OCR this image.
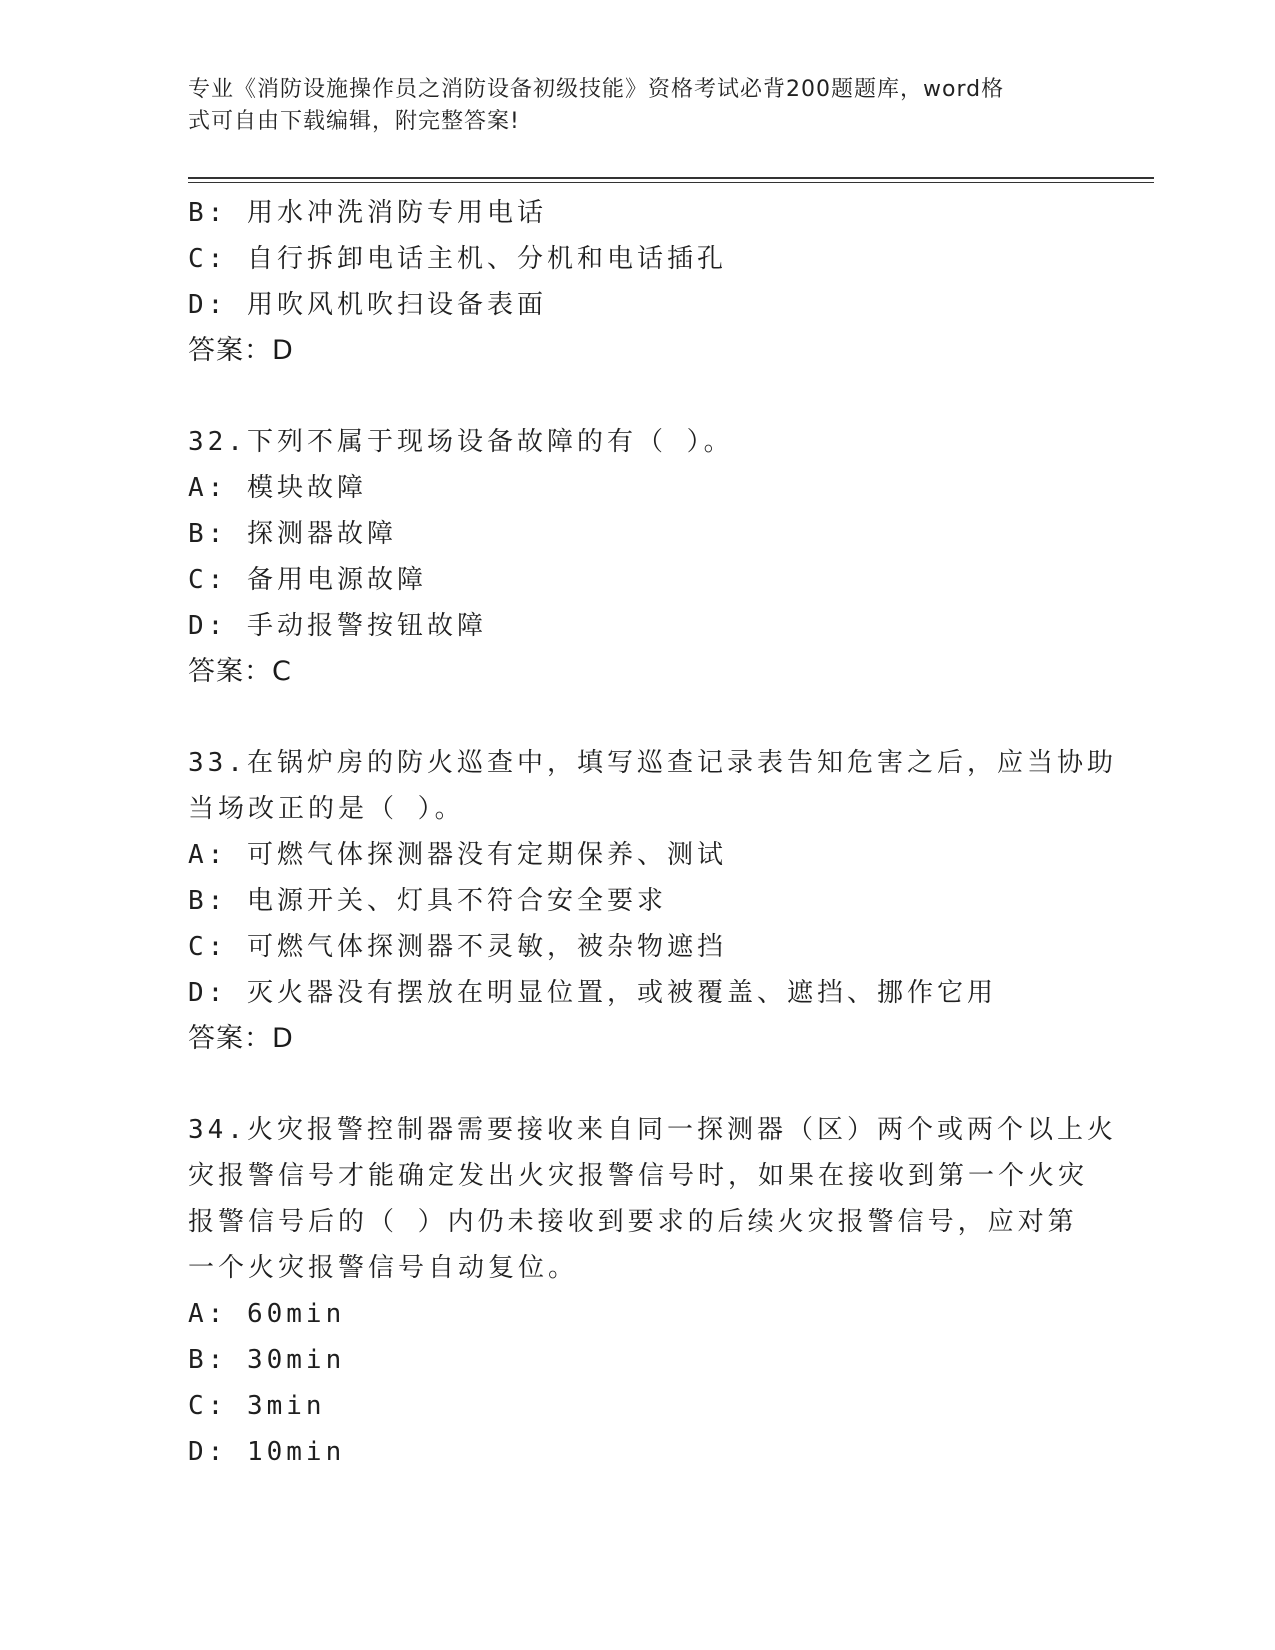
专业《消防设施操作员之消防设备初级技能》资格考试必背200题题库，word格
式可自由下载编辑，附完整答案!
B: 用水冲洗消防专用电话
C: 自行拆卸电话主机、分机和电话插孔
D: 用吹风机吹扫设备表面
答案：D
32.下列不属于现场设备故障的有（ ）。
A: 模块故障
B: 探测器故障
C: 备用电源故障
D: 手动报警按钮故障
答案：C
33.在锅炉房的防火巡查中，填写巡查记录表告知危害之后，应当协助
当场改正的是（ ）。
A: 可燃气体探测器没有定期保养、测试
B: 电源开关、灯具不符合安全要求
C: 可燃气体探测器不灵敏，被杂物遮挡
D: 灭火器没有摆放在明显位置，或被覆盖、遮挡、挪作它用
答案：D
34.火灾报警控制器需要接收来自同一探测器（区）两个或两个以上火
灾报警信号才能确定发出火灾报警信号时，如果在接收到第一个火灾
报警信号后的（ ）内仍未接收到要求的后续火灾报警信号，应对第
一个火灾报警信号自动复位。
A: 60min
B: 30min
C: 3min
D: 10min
